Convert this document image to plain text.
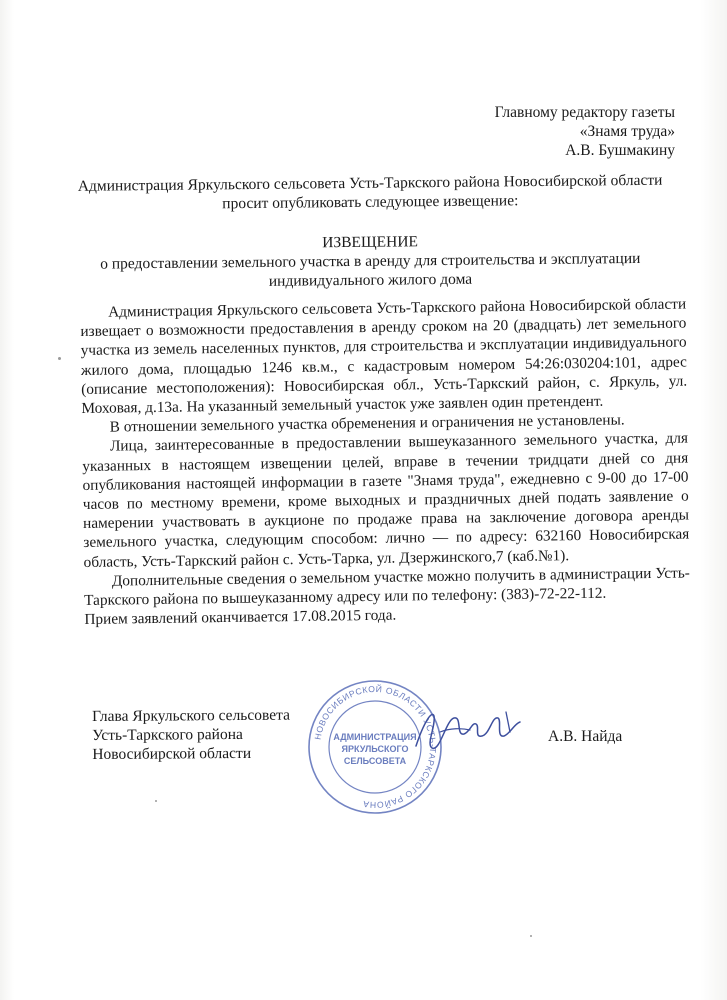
Главному редактору газеты
«Знамя труда»
А.В. Бушмакину
Администрация Яркульского сельсовета Усть-Таркского района Новосибирской области
просит опубликовать следующее извещение:
ИЗВЕЩЕНИЕ
о предоставлении земельного участка в аренду для строительства и эксплуатации
индивидуального жилого дома

Администрация Яркульского сельсовета Усть-Таркского района Новосибирской области извещает о возможности предоставления в аренду сроком на 20 (двадцать) лет земельного участка из земель населенных пунктов, для строительства и эксплуатации индивидуального жилого дома, площадью 1246 кв.м., с кадастровым номером 54:26:030204:101, адрес (описание местоположения): Новосибирская обл., Усть-Таркский район, с. Яркуль, ул. Моховая, д.13а. На указанный земельный участок уже заявлен один претендент.

В отношении земельного участка обременения и ограничения не установлены.

Лица, заинтересованные в предоставлении вышеуказанного земельного участка, для указанных в настоящем извещении целей, вправе в течении тридцати дней со дня опубликования настоящей информации в газете "Знамя труда", ежедневно с 9-00 до 17-00 часов по местному времени, кроме выходных и праздничных дней подать заявление о намерении участвовать в аукционе по продаже права на заключение договора аренды земельного участка, следующим способом: лично — по адресу: 632160 Новосибирская область, Усть-Таркский район с. Усть-Тарка, ул. Дзержинского,7 (каб.№1).

Дополнительные сведения о земельном участке можно получить в администрации Усть-Таркского района по вышеуказанному адресу или по телефону: (383)-72-22-112.

Прием заявлений оканчивается 17.08.2015 года.

Глава Яркульского сельсовета
Усть-Таркского района
Новосибирской области
НОВОСИБИРСКОЙ ОБЛАСТИ УСТЬ-ТАРКСКОГО РАЙОНА
АДМИНИСТРАЦИЯ
ЯРКУЛЬСКОГО
СЕЛЬСОВЕТА
А.В. Найда
